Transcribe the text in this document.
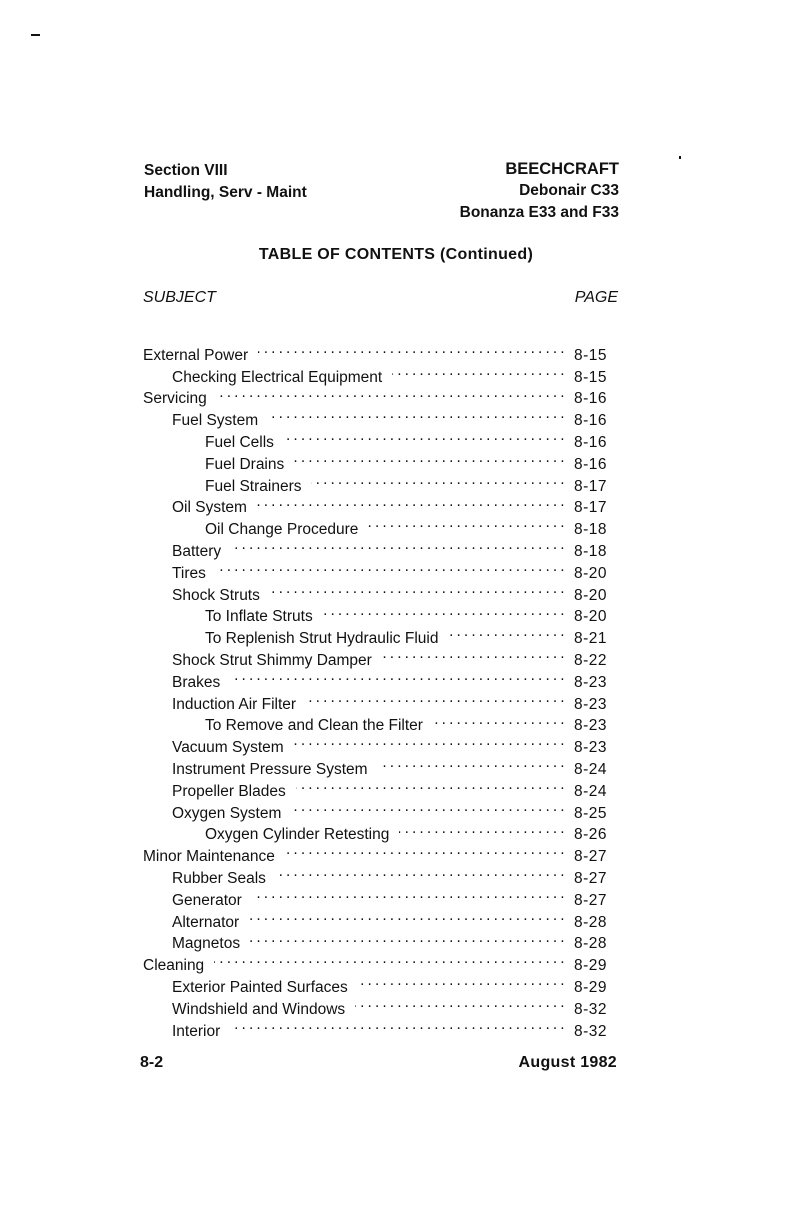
Section VIII
Handling, Serv - Maint
BEECHCRAFT
Debonair C33
Bonanza E33 and F33
TABLE OF CONTENTS (Continued)
SUBJECT	PAGE
External Power . . .	8-15
Checking Electrical Equipment . . .	8-15
Servicing . . .	8-16
Fuel System . . .	8-16
Fuel Cells . . .	8-16
Fuel Drains . . .	8-16
Fuel Strainers . . .	8-17
Oil System . . .	8-17
Oil Change Procedure . . .	8-18
Battery . . .	8-18
Tires . . .	8-20
Shock Struts . . .	8-20
To Inflate Struts . . .	8-20
To Replenish Strut Hydraulic Fluid . . .	8-21
Shock Strut Shimmy Damper . . .	8-22
Brakes . . .	8-23
Induction Air Filter . . .	8-23
To Remove and Clean the Filter . . .	8-23
Vacuum System . . .	8-23
Instrument Pressure System . . .	8-24
Propeller Blades . . .	8-24
Oxygen System . . .	8-25
Oxygen Cylinder Retesting . . .	8-26
Minor Maintenance . . .	8-27
Rubber Seals . . .	8-27
Generator . . .	8-27
Alternator . . .	8-28
Magnetos . . .	8-28
Cleaning . . .	8-29
Exterior Painted Surfaces . . .	8-29
Windshield and Windows . . .	8-32
Interior . . .	8-32
8-2	August 1982
